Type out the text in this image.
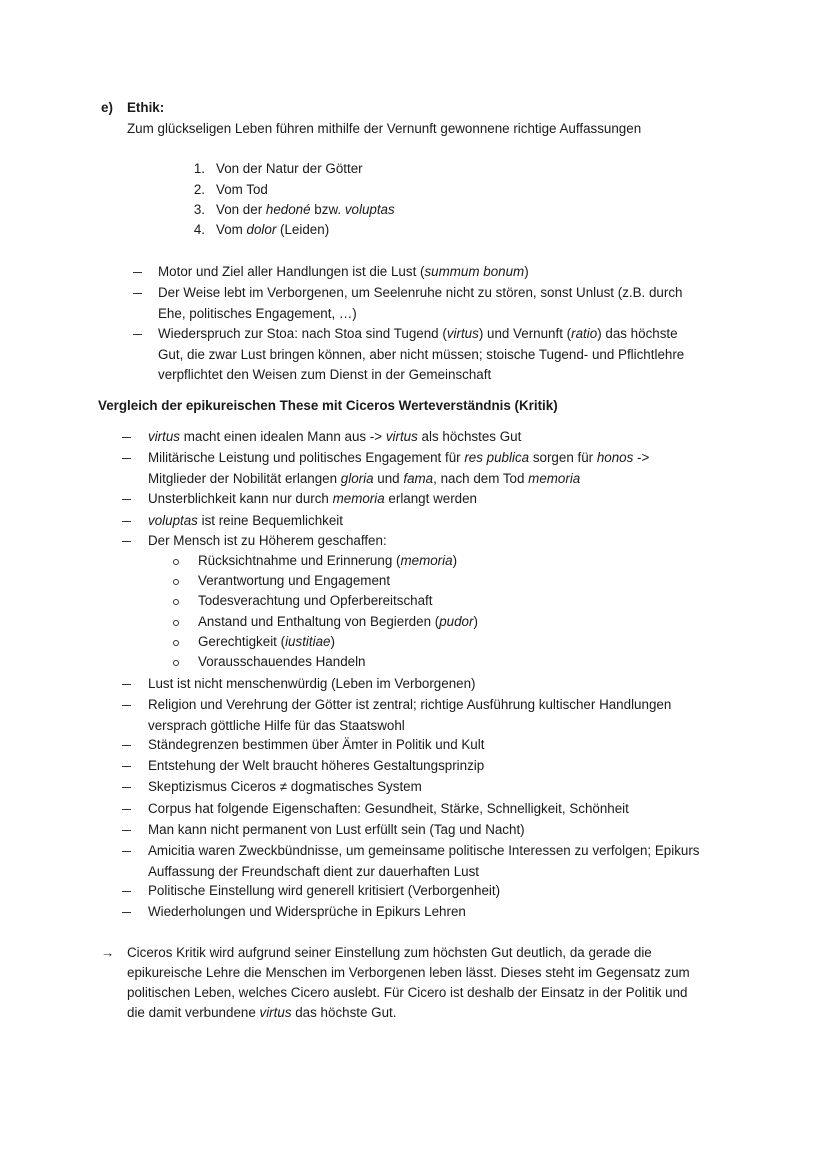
e) Ethik:
Zum glückseligen Leben führen mithilfe der Vernunft gewonnene richtige Auffassungen
Vergleich der epikureischen These mit Ciceros Werteverständnis (Kritik)
1. Von der Natur der Götter
2. Vom Tod
3. Von der hedoné bzw. voluptas
4. Vom dolor (Leiden)
Motor und Ziel aller Handlungen ist die Lust (summum bonum)
Der Weise lebt im Verborgenen, um Seelenruhe nicht zu stören, sonst Unlust (z.B. durch
Ehe, politisches Engagement, …)
Wiederspruch zur Stoa: nach Stoa sind Tugend (virtus) und Vernunft (ratio) das höchste
Gut, die zwar Lust bringen können, aber nicht müssen; stoische Tugend- und Pflichtlehre
verpflichtet den Weisen zum Dienst in der Gemeinschaft
virtus macht einen idealen Mann aus -> virtus als höchstes Gut
Militärische Leistung und politisches Engagement für res publica sorgen für honos ->
Mitglieder der Nobilität erlangen gloria und fama, nach dem Tod memoria
Unsterblichkeit kann nur durch memoria erlangt werden
voluptas ist reine Bequemlichkeit
Der Mensch ist zu Höherem geschaffen:
Rücksichtnahme und Erinnerung (memoria)
Verantwortung und Engagement
Todesverachtung und Opferbereitschaft
Anstand und Enthaltung von Begierden (pudor)
Gerechtigkeit (iustitiae)
Vorausschauendes Handeln
Lust ist nicht menschenwürdig (Leben im Verborgenen)
Religion und Verehrung der Götter ist zentral; richtige Ausführung kultischer Handlungen
versprach göttliche Hilfe für das Staatswohl
Ständegrenzen bestimmen über Ämter in Politik und Kult
Entstehung der Welt braucht höheres Gestaltungsprinzip
Skeptizismus Ciceros ≠ dogmatisches System
Corpus hat folgende Eigenschaften: Gesundheit, Stärke, Schnelligkeit, Schönheit
Man kann nicht permanent von Lust erfüllt sein (Tag und Nacht)
Amicitia waren Zweckbündnisse, um gemeinsame politische Interessen zu verfolgen; Epikurs
Auffassung der Freundschaft dient zur dauerhaften Lust
Politische Einstellung wird generell kritisiert (Verborgenheit)
Wiederholungen und Widersprüche in Epikurs Lehren
→ Ciceros Kritik wird aufgrund seiner Einstellung zum höchsten Gut deutlich, da gerade die
epikureische Lehre die Menschen im Verborgenen leben lässt. Dieses steht im Gegensatz zum
politischen Leben, welches Cicero auslebt. Für Cicero ist deshalb der Einsatz in der Politik und
die damit verbundene virtus das höchste Gut.
